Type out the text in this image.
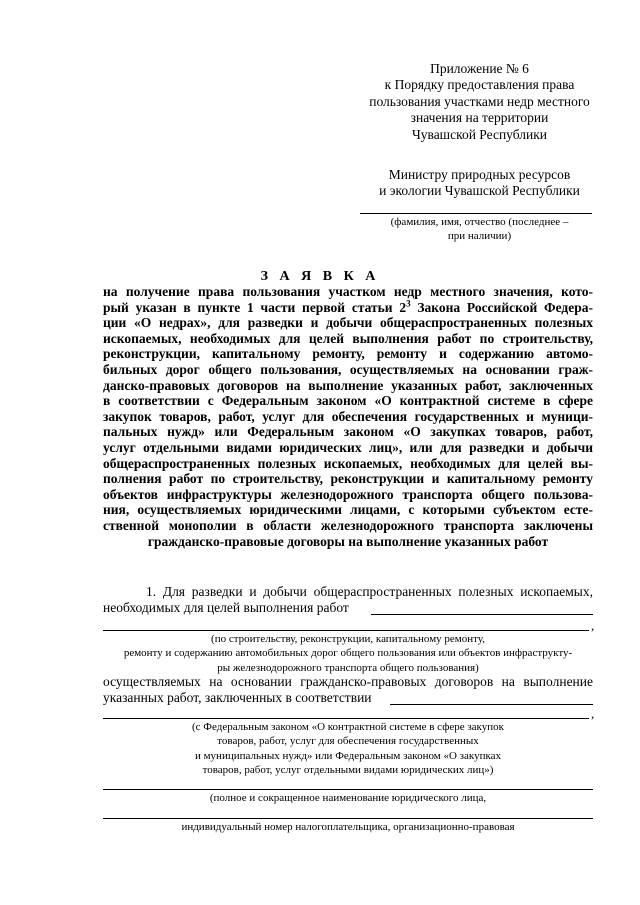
Приложение № 6
к Порядку предоставления права
пользования участками недр местного
значения на территории
Чувашской Республики
Министру природных ресурсов
и экологии Чувашской Республики
(фамилия, имя, отчество (последнее –
при наличии)
З А Я В К А
на получение права пользования участком недр местного значения, кото-
рый указан в пункте 1 части первой статьи $2^3$ Закона Российской Федера-
ции «О недрах», для разведки и добычи общераспространенных полезных
ископаемых, необходимых для целей выполнения работ по строительству,
реконструкции, капитальному ремонту, ремонту и содержанию автомо-
бильных дорог общего пользования, осуществляемых на основании граж-
данско-правовых договоров на выполнение указанных работ, заключенных
в соответствии с Федеральным законом «О контрактной системе в сфере
закупок товаров, работ, услуг для обеспечения государственных и муници-
пальных нужд» или Федеральным законом «О закупках товаров, работ,
услуг отдельными видами юридических лиц», или для разведки и добычи
общераспространенных полезных ископаемых, необходимых для целей вы-
полнения работ по строительству, реконструкции и капитальному ремонту
объектов инфраструктуры железнодорожного транспорта общего пользова-
ния, осуществляемых юридическими лицами, с которыми субъектом есте-
ственной монополии в области железнодорожного транспорта заключены
гражданско-правовые договоры на выполнение указанных работ
1. Для разведки и добычи общераспространенных полезных ископаемых,
необходимых для целей выполнения работ
,
(по строительству, реконструкции, капитальному ремонту,
ремонту и содержанию автомобильных дорог общего пользования или объектов инфраструкту-
ры железнодорожного транспорта общего пользования)
осуществляемых на основании гражданско-правовых договоров на выполнение
указанных работ, заключенных в соответствии
,
(с Федеральным законом «О контрактной системе в сфере закупок
товаров, работ, услуг для обеспечения государственных
и муниципальных нужд» или Федеральным законом «О закупках
товаров, работ, услуг отдельными видами юридических лиц»)
(полное и сокращенное наименование юридического лица,
индивидуальный номер налогоплательщика, организационно-правовая
